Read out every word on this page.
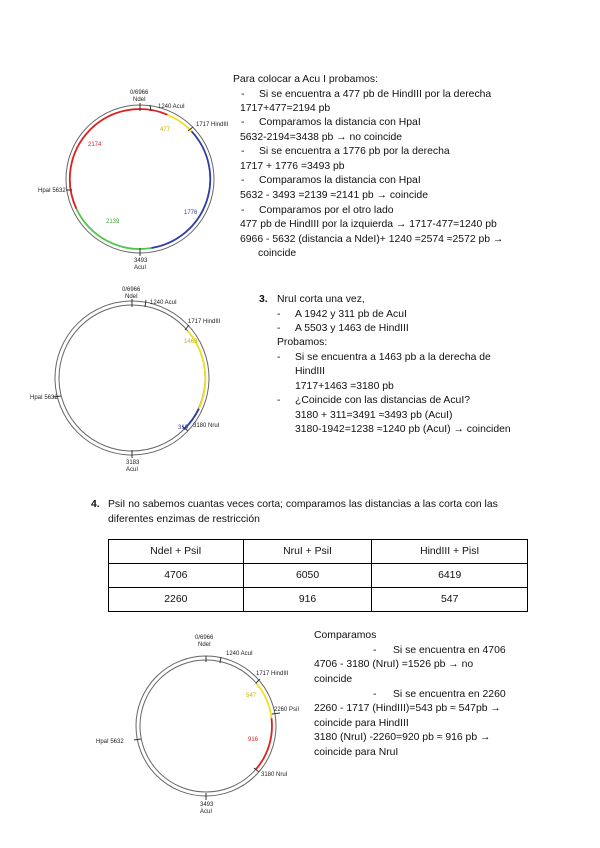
0/6966
NdeI
1240 AcuI
1717 HindIII
HpaI 5632
3493
AcuI
2174
477
1776
2139
Para colocar a Acu I probamos:
- Si se encuentra a 477 pb de HindIII por la derecha
1717+477=2194 pb
- Comparamos la distancia con HpaI
5632-2194=3438 pb → no coincide
- Si se encuentra a 1776 pb por la derecha
1717 + 1776 =3493 pb
- Comparamos la distancia con HpaI
5632 - 3493 =2139 ≈2141 pb → coincide
- Comparamos por el otro lado
477 pb de HindIII por la izquierda → 1717-477=1240 pb
6966 - 5632 (distancia a NdeI)+ 1240 =2574 ≈2572 pb →
coincide
0/6966
NdeI
1240 AcuI
1717 HindIII
HpaI 5632
3180 NruI
3183
AcuI
1463
310
3. NruI corta una vez,
- A 1942 y 311 pb de AcuI
- A 5503 y 1463 de HindIII
Probamos:
- Si se encuentra a 1463 pb a la derecha de
HindIII
1717+1463 =3180 pb
- ¿Coincide con las distancias de AcuI?
3180 + 311=3491 ≈3493 pb (AcuI)
3180-1942=1238 ≈1240 pb (AcuI) → coinciden
4. PsiI no sabemos cuantas veces corta; comparamos las distancias a las corta con las
diferentes enzimas de restricción
NdeI + PsiI	NruI + PsiI	HindIII + PisI
4706	6050	6419
2260	916	547
0/6966
NdeI
1240 AcuI
1717 HindIII
2260 PsiI
HpaI 5632
3180 NruI
3493
AcuI
547
916
Comparamos
- Si se encuentra en 4706
4706 - 3180 (NruI) =1526 pb → no
coincide
- Si se encuentra en 2260
2260 - 1717 (HindIII)=543 pb ≈ 547pb →
coincide para HindIII
3180 (NruI) -2260=920 pb ≈ 916 pb →
coincide para NruI
